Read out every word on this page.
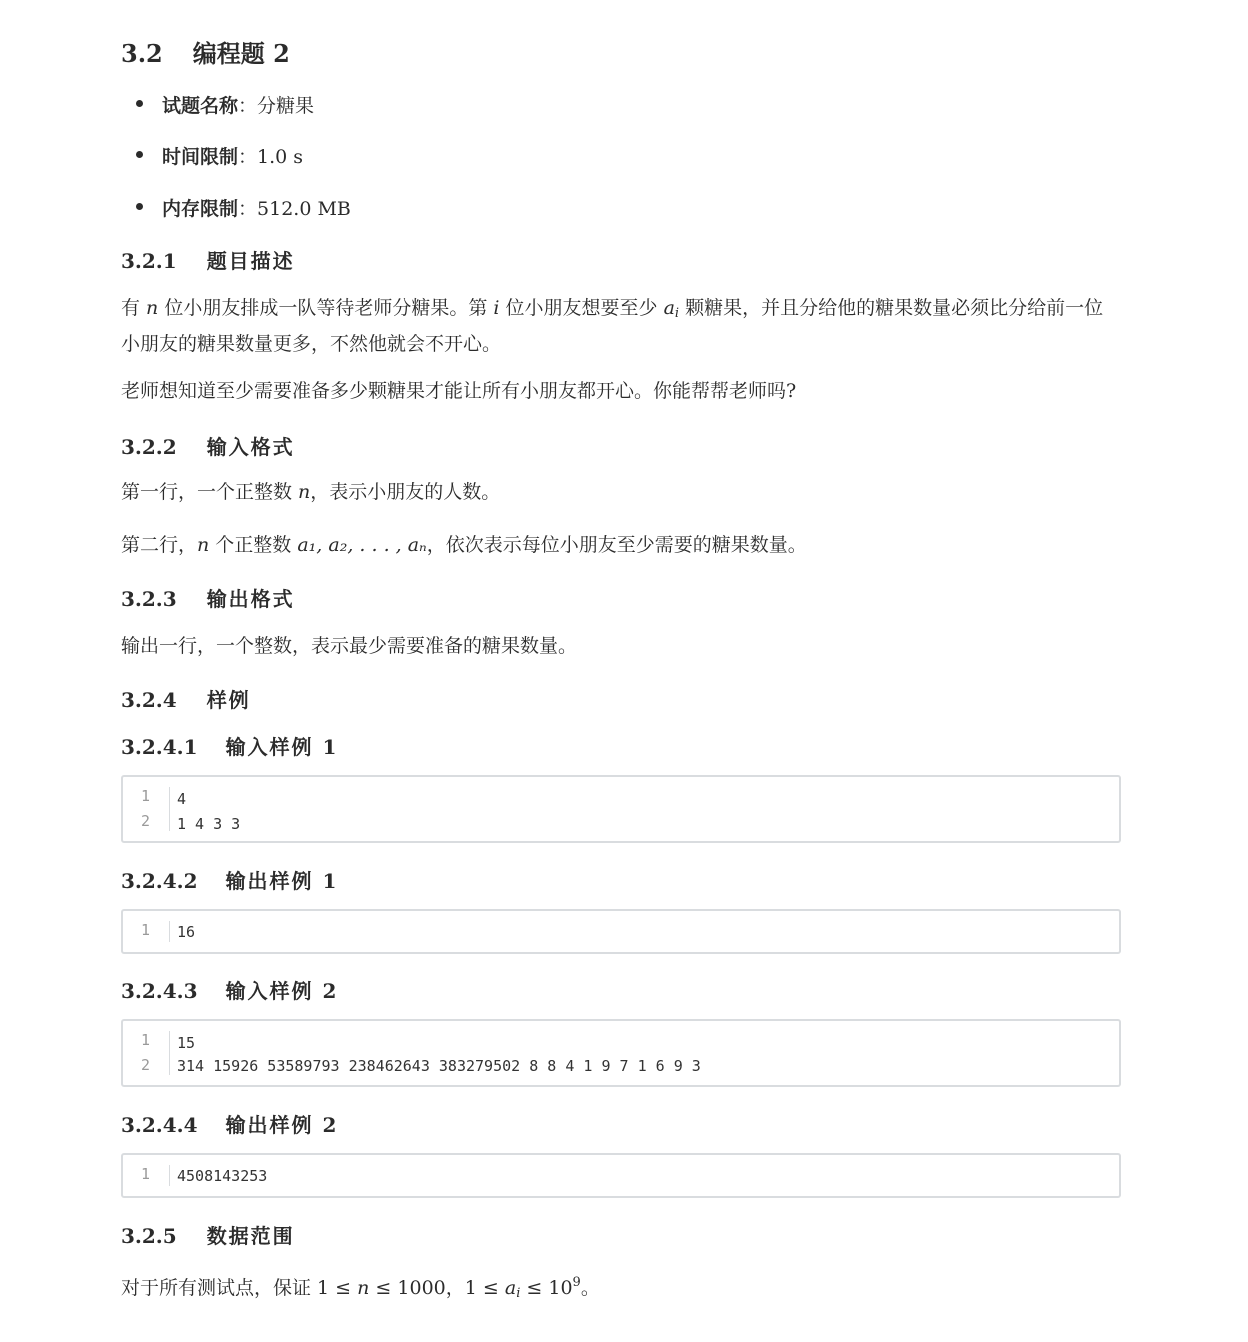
3.2 编程题 2
试题名称：分糖果
时间限制：1.0 s
内存限制：512.0 MB
3.2.1 题目描述

有 n 位小朋友排成一队等待老师分糖果。第 i 位小朋友想要至少 $a_i$ 颗糖果，并且分给他的糖果数量必须比分给前一位小朋友的糖果数量更多，不然他就会不开心。

老师想知道至少需要准备多少颗糖果才能让所有小朋友都开心。你能帮帮老师吗?

3.2.2 输入格式

第一行，一个正整数 n，表示小朋友的人数。

第二行，n 个正整数 a₁, a₂, . . . , aₙ，依次表示每位小朋友至少需要的糖果数量。

3.2.3 输出格式

输出一行，一个整数，表示最少需要准备的糖果数量。

3.2.4 样例
3.2.4.1 输入样例 1
1 4
2 1 4 3 3
3.2.4.2 输出样例 1
1 16
3.2.4.3 输入样例 2
1 15
2 314 15926 53589793 238462643 383279502 8 8 4 1 9 7 1 6 9 3
3.2.4.4 输出样例 2
1 4508143253
3.2.5 数据范围

对于所有测试点，保证 1 ≤ n ≤ 1000，$1 \le a_i \le 10^9$。
